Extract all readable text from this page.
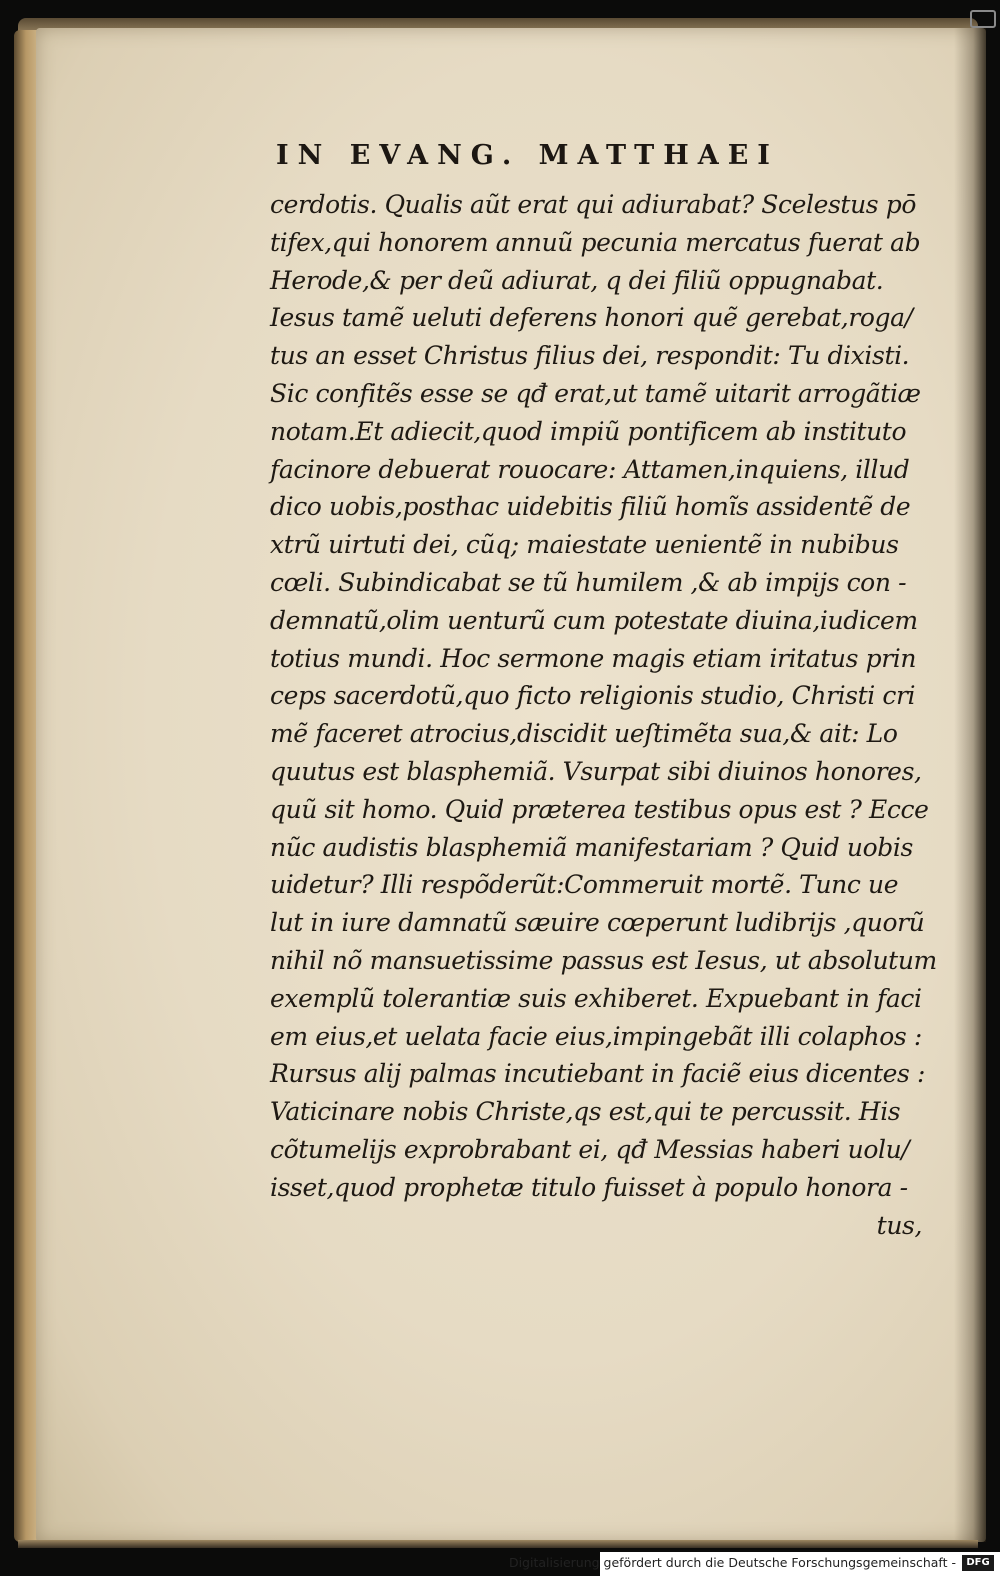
IN EVANG. MATTHAEI
cerdotis. Qualis aũt erat qui adiurabat? Scelestus pō
tifex,qui honorem annuũ pecunia mercatus fuerat ab
Herode,& per deũ adiurat, q dei filiũ oppugnabat.
Iesus tamẽ ueluti deferens honori quẽ gerebat,roga/
tus an esset Christus filius dei, respondit: Tu dixisti.
Sic confitẽs esse se qđ erat,ut tamẽ uitarit arrogãtiæ
notam.Et adiecit,quod impiũ pontificem ab instituto
facinore debuerat rouocare: Attamen,inquiens, illud
dico uobis,posthac uidebitis filiũ homĩs assidentẽ de
xtrũ uirtuti dei, cũq; maiestate uenientẽ in nubibus
cœli. Subindicabat se tũ humilem ,& ab impijs con -
demnatũ,olim uenturũ cum potestate diuina,iudicem
totius mundi. Hoc sermone magis etiam iritatus prin
ceps sacerdotũ,quo ficto religionis studio, Christi cri
mẽ faceret atrocius,discidit ueſtimẽta sua,& ait: Lo
quutus est blasphemiã. Vsurpat sibi diuinos honores,
quũ sit homo. Quid præterea testibus opus est ? Ecce
nũc audistis blasphemiã manifestariam ? Quid uobis
uidetur? Illi respõderũt:Commeruit mortẽ. Tunc ue
lut in iure damnatũ sæuire cœperunt ludibrijs ,quorũ
nihil nõ mansuetissime passus est Iesus, ut absolutum
exemplũ tolerantiæ suis exhiberet. Expuebant in faci
em eius,et uelata facie eius,impingebãt illi colaphos :
Rursus alij palmas incutiebant in faciẽ eius dicentes :
Vaticinare nobis Christe,qs est,qui te percussit. His
cõtumelijs exprobrabant ei, qđ Messias haberi uolu/
isset,quod prophetæ titulo fuisset à populo honora -
tus,
Digitalisierung gefördert durch die Deutsche Forschungsgemeinschaft -	DFG
